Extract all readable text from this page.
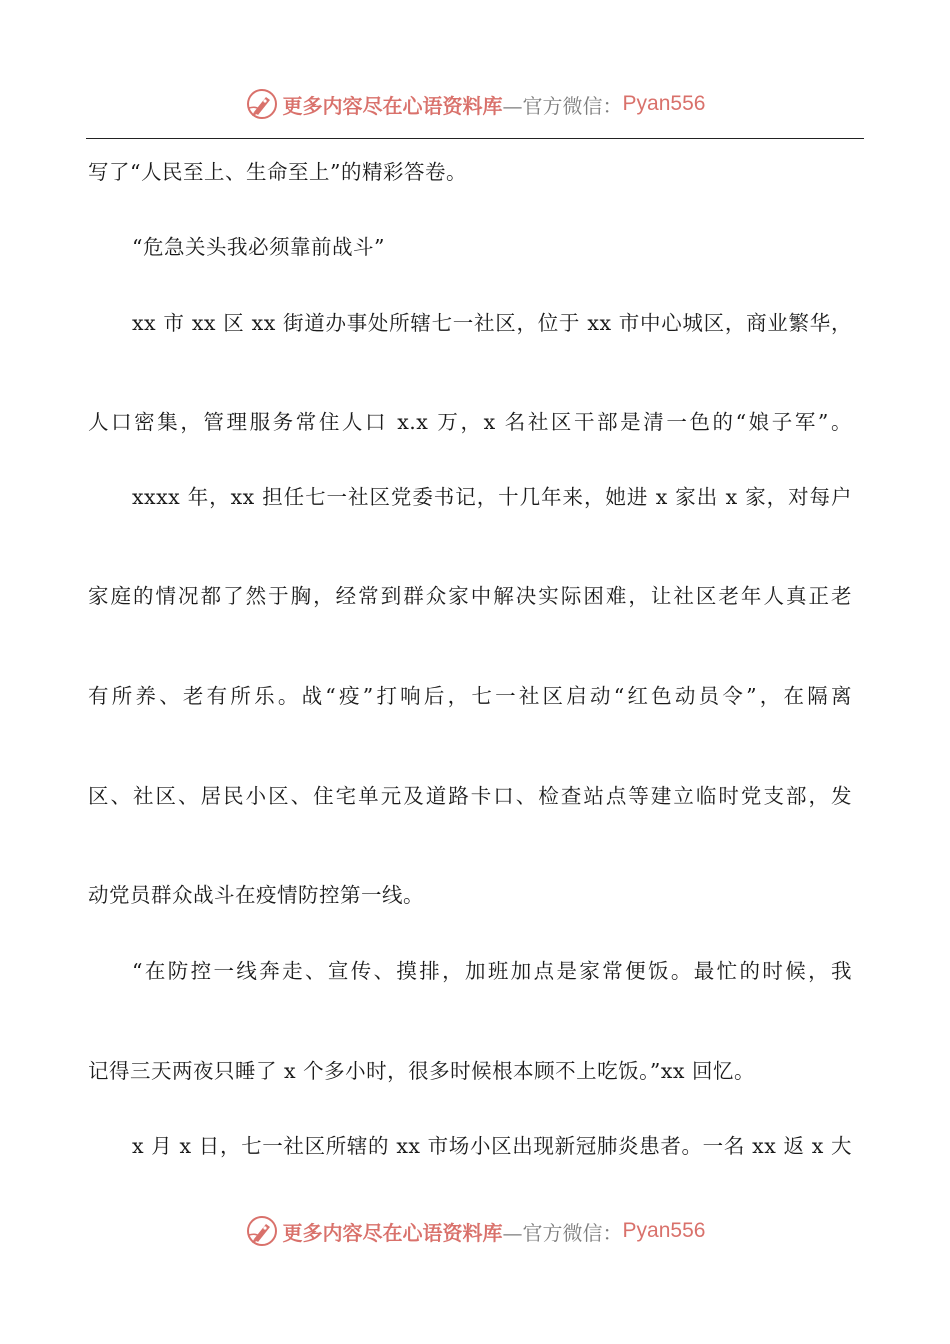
更多内容尽在心语资料库 —官方微信： Pyan556
写了“人民至上、生命至上”的精彩答卷。
“危急关头我必须靠前战斗”
xx 市 xx 区 xx 街道办事处所辖七一社区，位于 xx 市中心城区，商业繁华，
人口密集，管理服务常住人口 x.x 万，x 名社区干部是清一色的“娘子军”。
xxxx 年，xx 担任七一社区党委书记，十几年来，她进 x 家出 x 家，对每户
家庭的情况都了然于胸，经常到群众家中解决实际困难，让社区老年人真正老
有所养、老有所乐。战“疫”打响后，七一社区启动“红色动员令”，在隔离
区、社区、居民小区、住宅单元及道路卡口、检查站点等建立临时党支部，发
动党员群众战斗在疫情防控第一线。
“在防控一线奔走、宣传、摸排，加班加点是家常便饭。最忙的时候，我
记得三天两夜只睡了 x 个多小时，很多时候根本顾不上吃饭。”xx 回忆。
x 月 x 日，七一社区所辖的 xx 市场小区出现新冠肺炎患者。一名 xx 返 x 大
更多内容尽在心语资料库 —官方微信： Pyan556
